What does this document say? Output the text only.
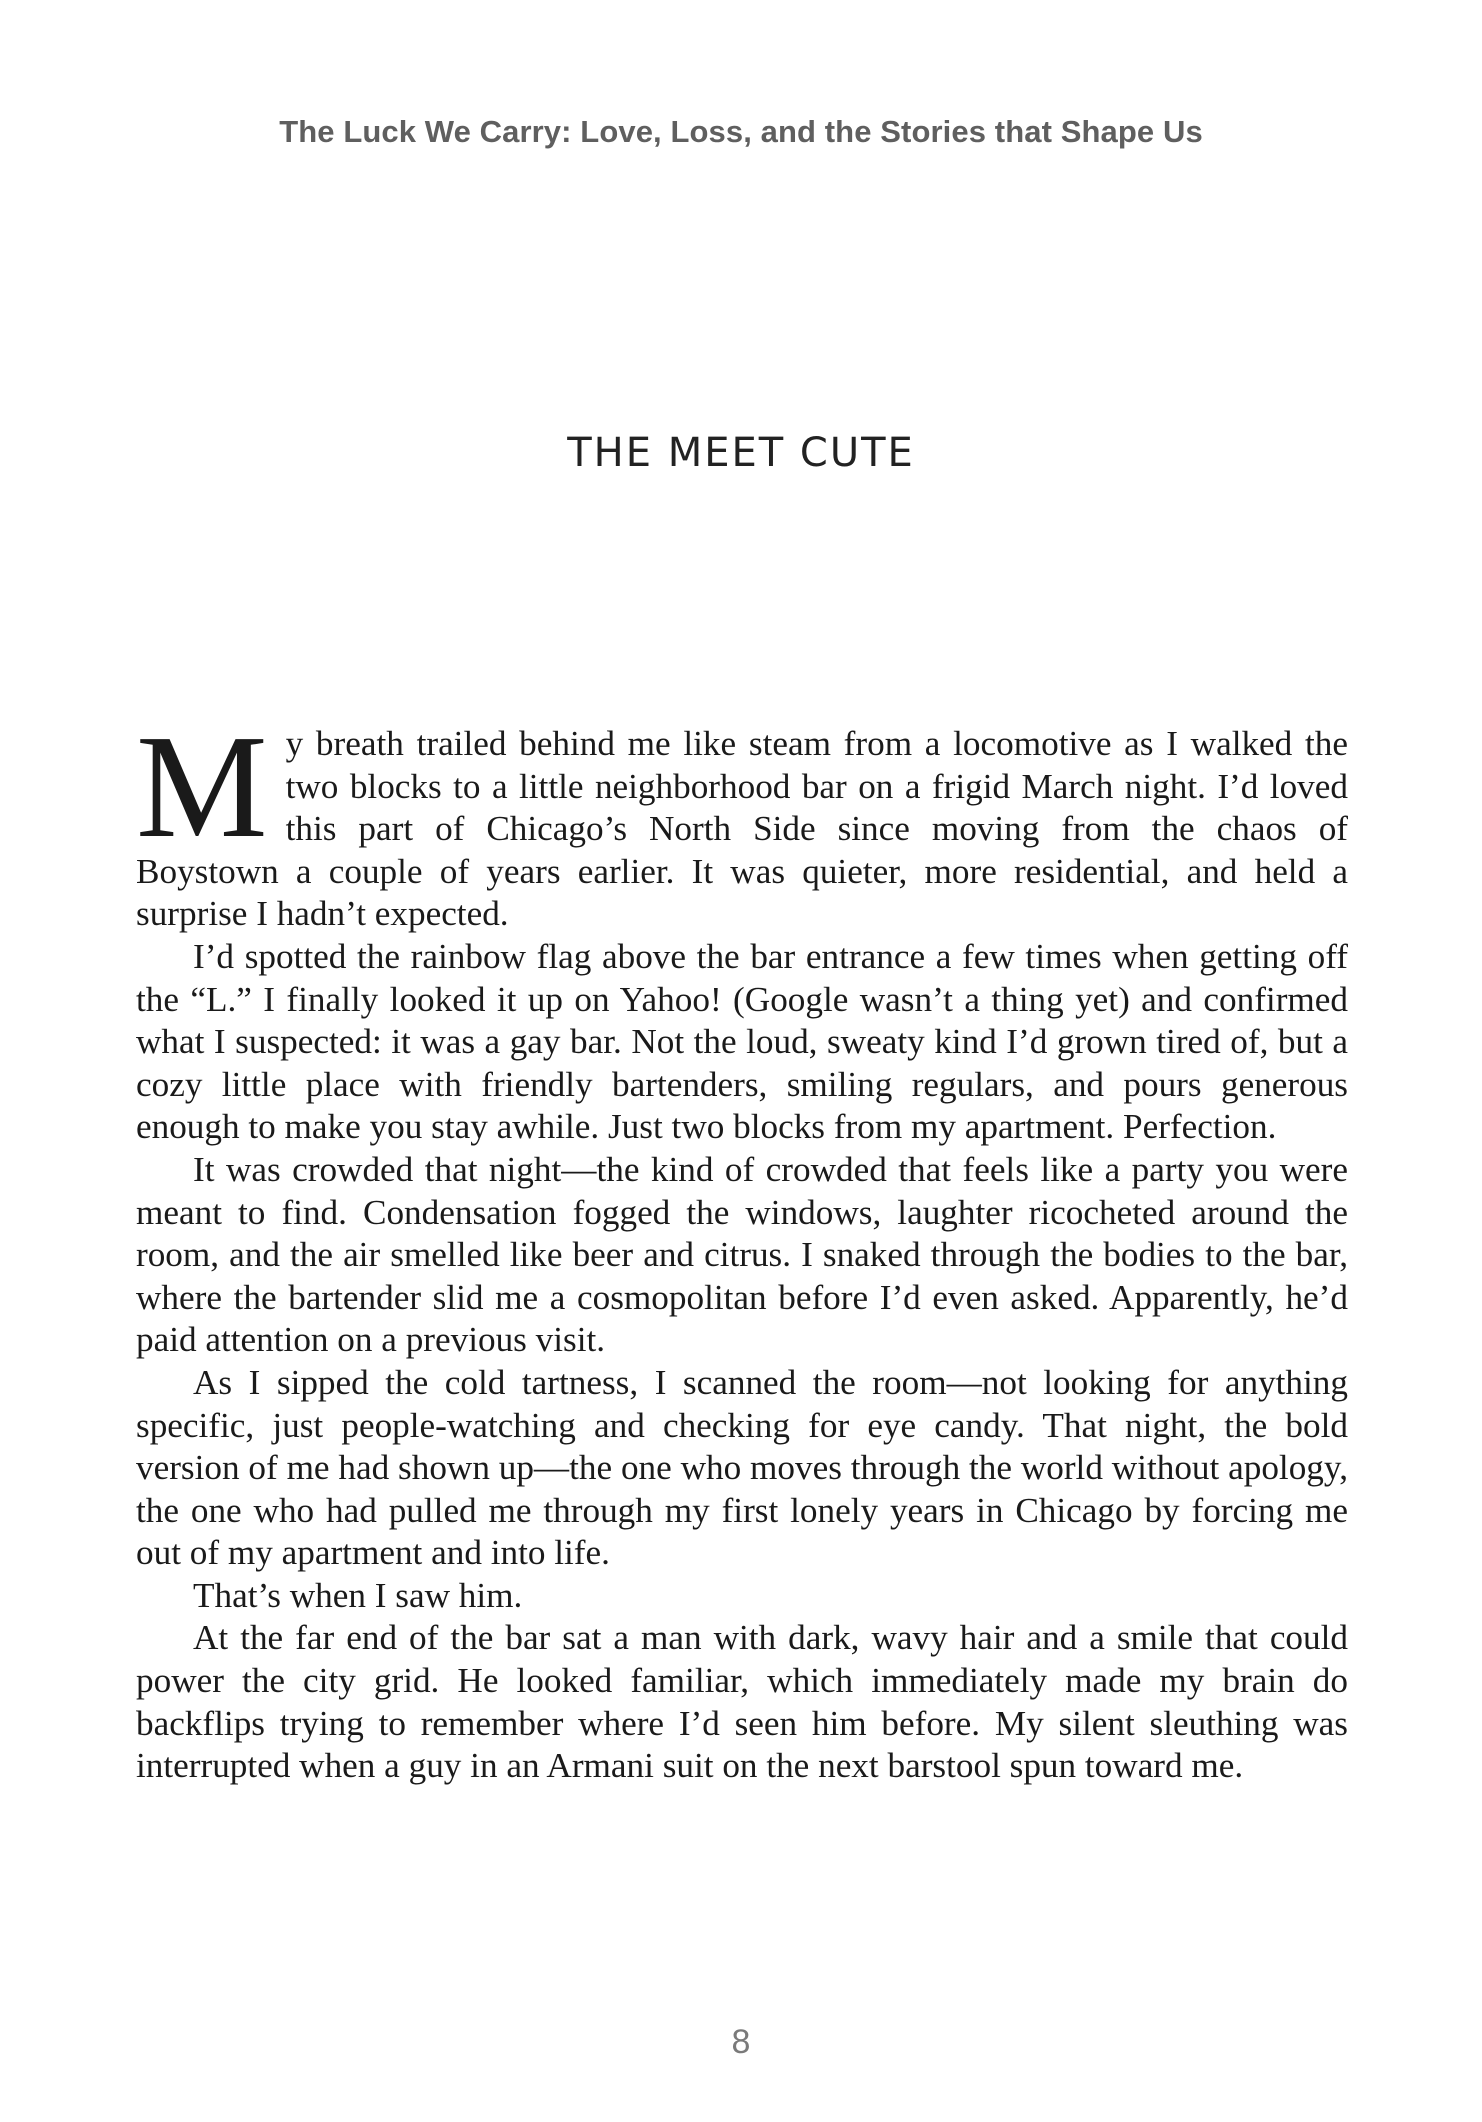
The Luck We Carry: Love, Loss, and the Stories that Shape Us
THE MEET CUTE

My breath trailed behind me like steam from a locomotive as I walked the two blocks to a little neighborhood bar on a frigid March night. I’d loved this part of Chicago’s North Side since moving from the chaos of Boystown a couple of years earlier. It was quieter, more residential, and held a surprise I hadn’t expected.

I’d spotted the rainbow flag above the bar entrance a few times when getting off the “L.” I finally looked it up on Yahoo! (Google wasn’t a thing yet) and confirmed what I suspected: it was a gay bar. Not the loud, sweaty kind I’d grown tired of, but a cozy little place with friendly bartenders, smiling regulars, and pours generous enough to make you stay awhile. Just two blocks from my apartment. Perfection.

It was crowded that night—the kind of crowded that feels like a party you were meant to find. Condensation fogged the windows, laughter ricocheted around the room, and the air smelled like beer and citrus. I snaked through the bodies to the bar, where the bartender slid me a cosmopolitan before I’d even asked. Apparently, he’d paid attention on a previous visit.

As I sipped the cold tartness, I scanned the room—not looking for anything specific, just people-watching and checking for eye candy. That night, the bold version of me had shown up—the one who moves through the world without apology, the one who had pulled me through my first lonely years in Chicago by forcing me out of my apartment and into life.

That’s when I saw him.

At the far end of the bar sat a man with dark, wavy hair and a smile that could power the city grid. He looked familiar, which immediately made my brain do backflips trying to remember where I’d seen him before. My silent sleuthing was interrupted when a guy in an Armani suit on the next barstool spun toward me.

8
